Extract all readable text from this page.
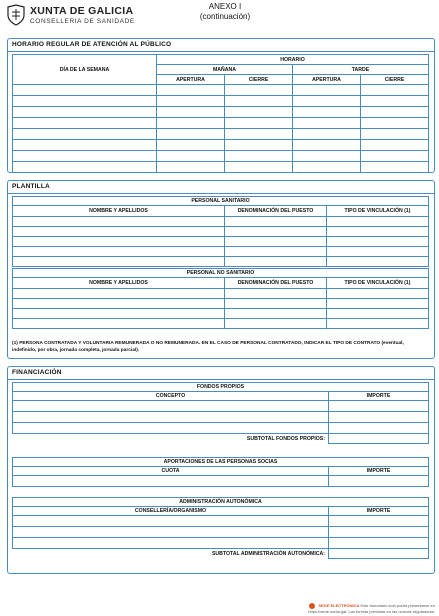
XUNTA DE GALICIA
CONSELLERIA DE SANIDADE
ANEXO I
(continuación)
HORARIO REGULAR DE ATENCIÓN AL PÚBLICO
DÍA DE LA SEMANA	HORARIO			
	MAÑANA		TARDE	
	APERTURA	CIERRE	APERTURA	CIERRE

PLANTILLA
PERSONAL SANITARIO		
NOMBRE Y APELLIDOS	DENOMINACIÓN DEL PUESTO	TIPO DE VINCULACIÓN (1)

PERSONAL NO SANITARIO		
NOMBRE Y APELLIDOS	DENOMINACIÓN DEL PUESTO	TIPO DE VINCULACIÓN (1)

(1) PERSONA CONTRATADA Y VOLUNTARIA REMUNERADA O NO REMUNERADA. EN EL CASO DE PERSONAL CONTRATADO, INDICAR EL TIPO DE CONTRATO (eventual, indefinido, por obra, jornada completa, jornada parcial).
FINANCIACIÓN
FONDOS PROPIOS	
CONCEPTO	IMPORTE

SUBTOTAL FONDOS PROPIOS:	
APORTACIONES DE LAS PERSONAS SOCIAS	
CUOTA	IMPORTE

ADMINISTRACIÓN AUTONÓMICA	
CONSELLERÍA/ORGANISMO	IMPORTE

SUBTOTAL ADMINISTRACIÓN AUTONÓMICA:	
SEDE ELECTRÓNICA Este formulario solo podrá presentarse en https://sede.xunta.gal. Las formas previstas en las normas reguladoras.
